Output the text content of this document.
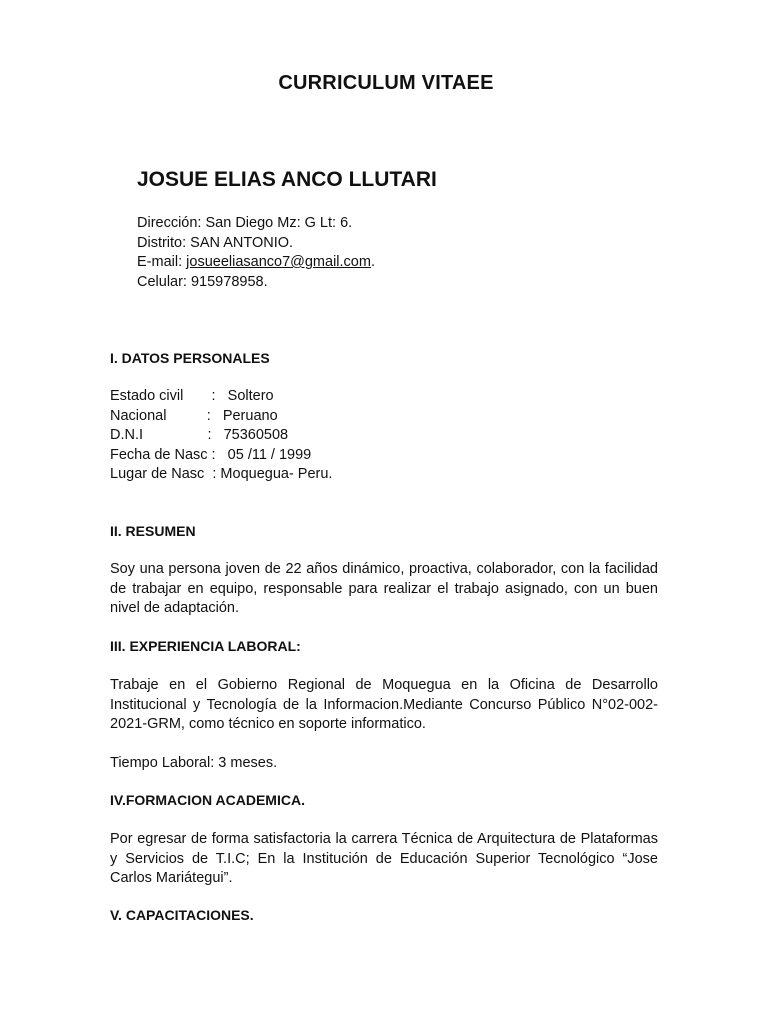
CURRICULUM VITAEE
JOSUE ELIAS ANCO LLUTARI
Dirección: San Diego Mz: G Lt: 6.
Distrito: SAN ANTONIO.
E-mail: josueeliasanco7@gmail.com.
Celular: 915978958.
I. DATOS PERSONALES
Estado civil       :   Soltero
Nacional          :   Peruano
D.N.I                :   75360508
Fecha de Nasc :   05 /11 / 1999
Lugar de Nasc  : Moquegua- Peru.
II. RESUMEN
Soy una persona joven de 22 años dinámico, proactiva, colaborador, con la facilidad de trabajar en equipo, responsable para realizar el trabajo asignado, con un buen nivel de adaptación.
III. EXPERIENCIA LABORAL:
Trabaje en el Gobierno Regional de Moquegua en la Oficina de Desarrollo Institucional y Tecnología de la Informacion.Mediante Concurso Público N°02-002-2021-GRM, como técnico en soporte informatico.
Tiempo Laboral: 3 meses.
IV.FORMACION ACADEMICA.
Por egresar de forma satisfactoria la carrera Técnica de Arquitectura de Plataformas y Servicios de T.I.C; En la Institución de Educación Superior Tecnológico “Jose Carlos Mariátegui”.
V. CAPACITACIONES.
